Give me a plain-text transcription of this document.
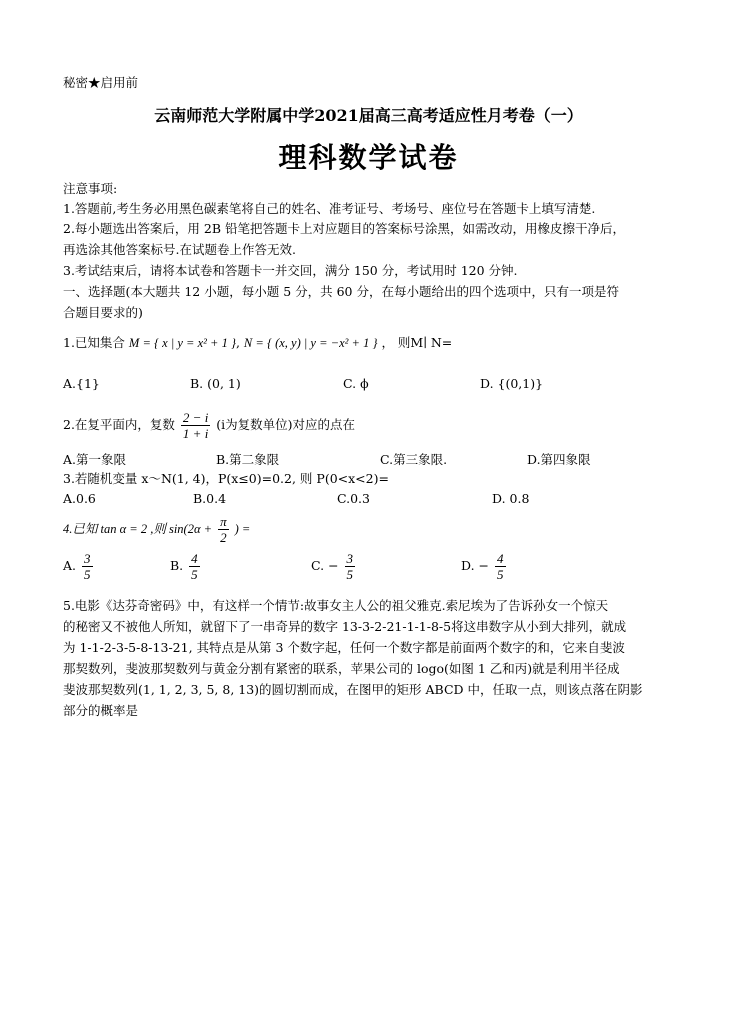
秘密★启用前
云南师范大学附属中学2021届高三高考适应性月考卷（一）
理科数学试卷
注意事项:
1.答题前,考生务必用黑色碳素笔将自己的姓名、准考证号、考场号、座位号在答题卡上填写清楚.
2.每小题选出答案后，用 2B 铅笔把答题卡上对应题目的答案标号涂黑，如需改动，用橡皮擦干净后，
再选涂其他答案标号.在试题卷上作答无效.
3.考试结束后，请将本试卷和答题卡一并交回，满分 150 分，考试用时 120 分钟.
一、选择题(本大题共 12 小题，每小题 5 分，共 60 分，在每小题给出的四个选项中，只有一项是符
合题目要求的)
1.已知集合 M = { x | y = x² + 1 }, N = { (x, y) | y = −x² + 1 } ， 则M∣ N=
A.{1}	B. (0, 1)	C. ϕ	D. {(0,1)}
2.在复平面内，复数 $\frac{2 - i}{1 + i} (i$为复数单位)对应的点在
A.第一象限	B.第二象限	C.第三象限.	D.第四象限
3.若随机变量 x～N(1, 4)，P(x≤0)=0.2, 则 P(0<x<2)=
A.0.6	B.0.4	C.0.3	D. 0.8
4.已知 tan α = 2 ,则 $\sin(2\alpha + \frac{\pi}{2}$ ) =
A. $\frac{3}{5}$	B. $\frac{4}{5}$	C. − $\frac{3}{5}$	D. − $\frac{4}{5}$
5.电影《达芬奇密码》中，有这样一个情节:故事女主人公的祖父雅克.索尼埃为了告诉孙女一个惊天
的秘密又不被他人所知，就留下了一串奇异的数字 13-3-2-21-1-1-8-5将这串数字从小到大排列，就成
为 1-1-2-3-5-8-13-21, 其特点是从第 3 个数字起，任何一个数字都是前面两个数字的和，它来自斐波
那契数列，斐波那契数列与黄金分割有紧密的联系，苹果公司的 logo(如图 1 乙和丙)就是利用半径成
斐波那契数列(1, 1, 2, 3, 5, 8, 13)的圆切割而成，在图甲的矩形 ABCD 中，任取一点，则该点落在阴影
部分的概率是
